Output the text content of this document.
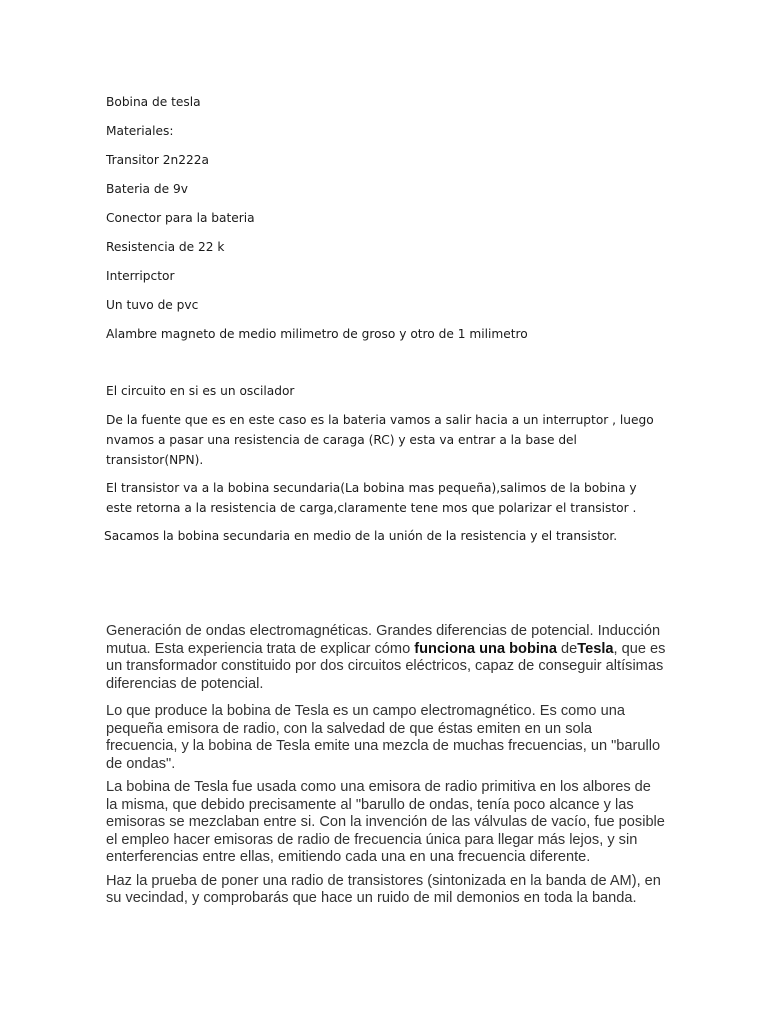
Bobina de tesla

Materiales:

Transitor 2n222a

Bateria de 9v

Conector para la bateria

Resistencia de 22 k

Interripctor

Un tuvo de pvc

Alambre magneto de medio milimetro de groso y otro de 1 milimetro

El circuito en si es un oscilador

De la fuente que es en este caso es la bateria vamos a salir hacia a un interruptor , luego nvamos a pasar una resistencia de caraga (RC) y esta va entrar a la base del transistor(NPN).

El transistor va a la bobina secundaria(La bobina mas pequeña),salimos de la bobina y este retorna a la resistencia de carga,claramente tene mos que polarizar el transistor .

Sacamos la bobina secundaria en medio de la unión de la resistencia y el transistor.

Generación de ondas electromagnéticas. Grandes diferencias de potencial. Inducción mutua. Esta experiencia trata de explicar cómo funciona una bobina deTesla, que es un transformador constituido por dos circuitos eléctricos, capaz de conseguir altísimas diferencias de potencial.

Lo que produce la bobina de Tesla es un campo electromagnético. Es como una pequeña emisora de radio, con la salvedad de que éstas emiten en un sola frecuencia, y la bobina de Tesla emite una mezcla de muchas frecuencias, un "barullo de ondas".

La bobina de Tesla fue usada como una emisora de radio primitiva en los albores de la misma, que debido precisamente al "barullo de ondas, tenía poco alcance y las emisoras se mezclaban entre si. Con la invención de las válvulas de vacío, fue posible el empleo hacer emisoras de radio de frecuencia única para llegar más lejos, y sin enterferencias entre ellas, emitiendo cada una en una frecuencia diferente.

Haz la prueba de poner una radio de transistores (sintonizada en la banda de AM), en su vecindad, y comprobarás que hace un ruido de mil demonios en toda la banda.
